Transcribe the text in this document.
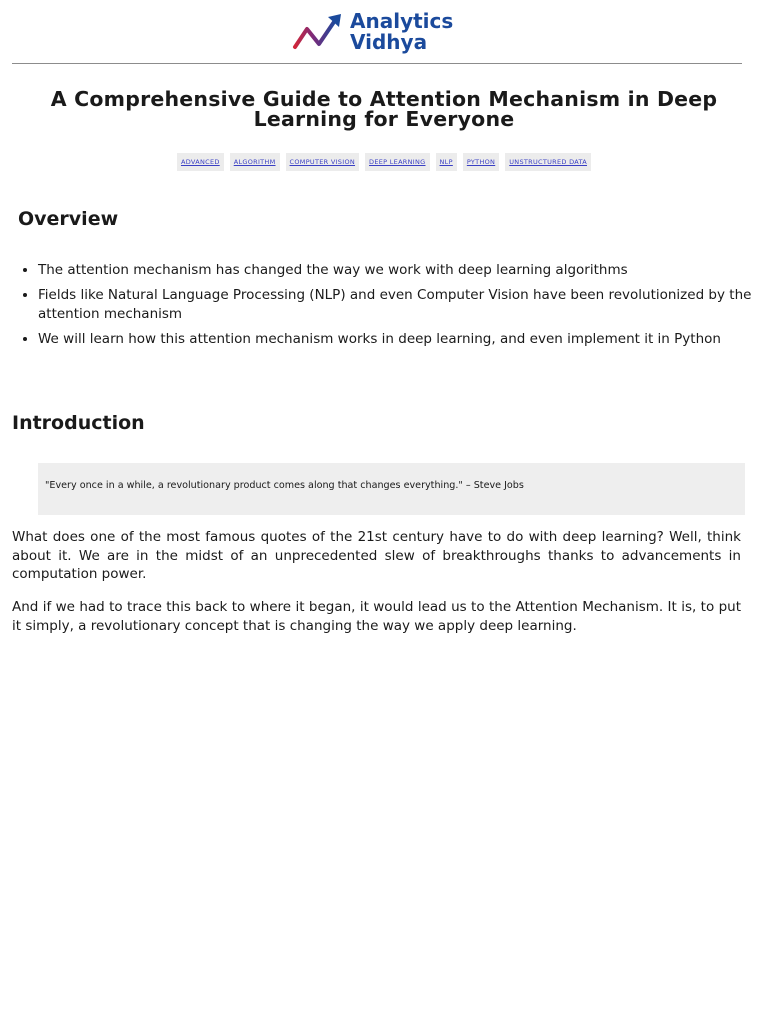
Analytics
Vidhya
A Comprehensive Guide to Attention Mechanism in Deep Learning for Everyone
ADVANCED ALGORITHM COMPUTER VISION DEEP LEARNING NLP PYTHON UNSTRUCTURED DATA
Overview
• The attention mechanism has changed the way we work with deep learning algorithms
• Fields like Natural Language Processing (NLP) and even Computer Vision have been revolutionized by the attention mechanism
• We will learn how this attention mechanism works in deep learning, and even implement it in Python
Introduction
"Every once in a while, a revolutionary product comes along that changes everything." – Steve Jobs

What does one of the most famous quotes of the 21st century have to do with deep learning? Well, think about it. We are in the midst of an unprecedented slew of breakthroughs thanks to advancements in computation power.

And if we had to trace this back to where it began, it would lead us to the Attention Mechanism. It is, to put it simply, a revolutionary concept that is changing the way we apply deep learning.
